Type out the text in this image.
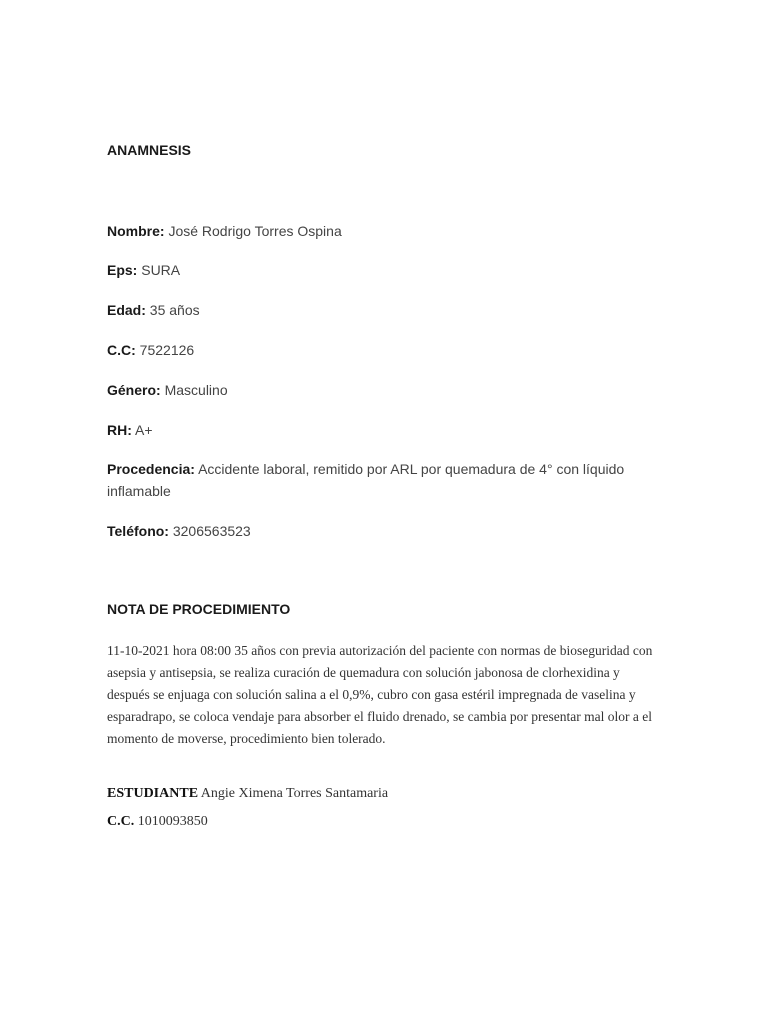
ANAMNESIS

Nombre: José Rodrigo Torres Ospina

Eps: SURA

Edad: 35 años

C.C: 7522126

Género: Masculino

RH: A+

Procedencia: Accidente laboral, remitido por ARL por quemadura de 4° con líquido inflamable

Teléfono: 3206563523

NOTA DE PROCEDIMIENTO

11-10-2021 hora 08:00 35 años con previa autorización del paciente con normas de bioseguridad con asepsia y antisepsia, se realiza curación de quemadura con solución jabonosa de clorhexidina y después se enjuaga con solución salina a el 0,9%, cubro con gasa estéril impregnada de vaselina y esparadrapo, se coloca vendaje para absorber el fluido drenado, se cambia por presentar mal olor a el momento de moverse, procedimiento bien tolerado.

ESTUDIANTE Angie Ximena Torres Santamaria

C.C. 1010093850
